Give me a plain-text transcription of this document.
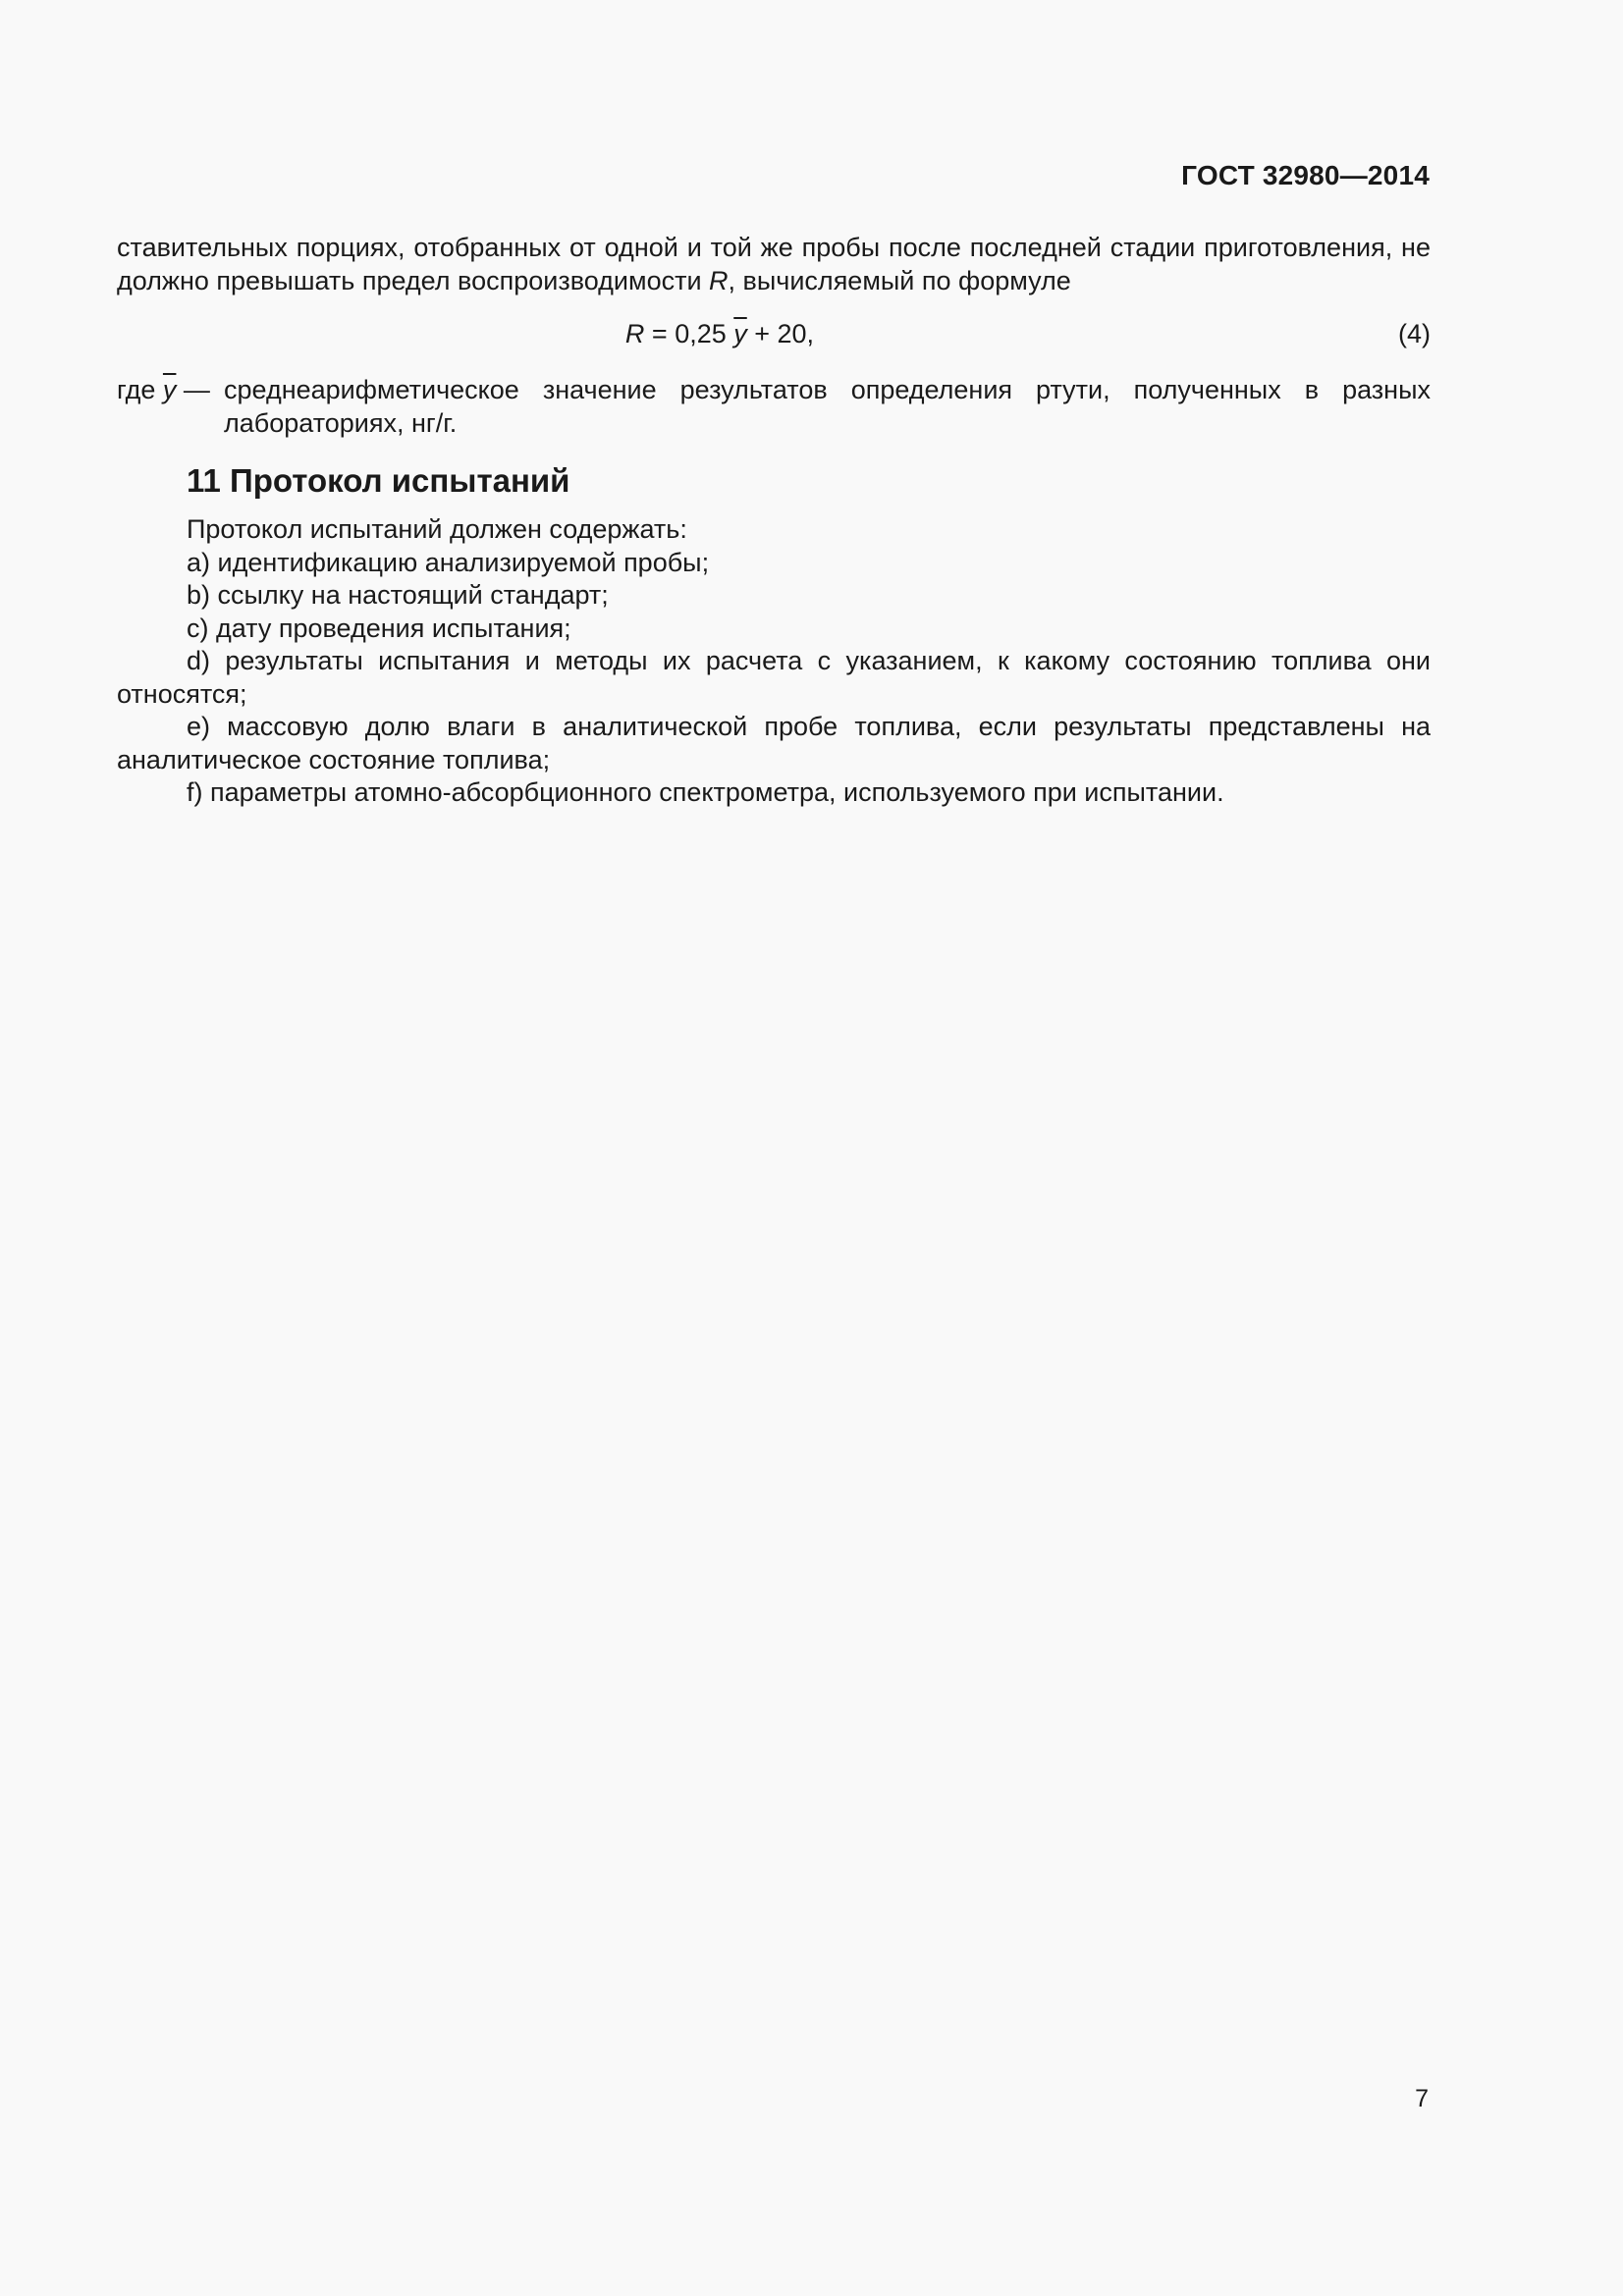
ГОСТ 32980—2014
ставительных порциях, отобранных от одной и той же пробы после последней стадии приготовления, не должно превышать предел воспроизводимости R, вычисляемый по формуле
R = 0,25 $\overline{y} + 20$,	(4)
где $\overline{y}$ — среднеарифметическое значение результатов определения ртути, полученных в разных лабораториях, нг/г.
11 Протокол испытаний

Протокол испытаний должен содержать:

a) идентификацию анализируемой пробы;

b) ссылку на настоящий стандарт;

c) дату проведения испытания;

d) результаты испытания и методы их расчета с указанием, к какому состоянию топлива они относятся;

e) массовую долю влаги в аналитической пробе топлива, если результаты представлены на аналитическое состояние топлива;

f) параметры атомно-абсорбционного спектрометра, используемого при испытании.

7
